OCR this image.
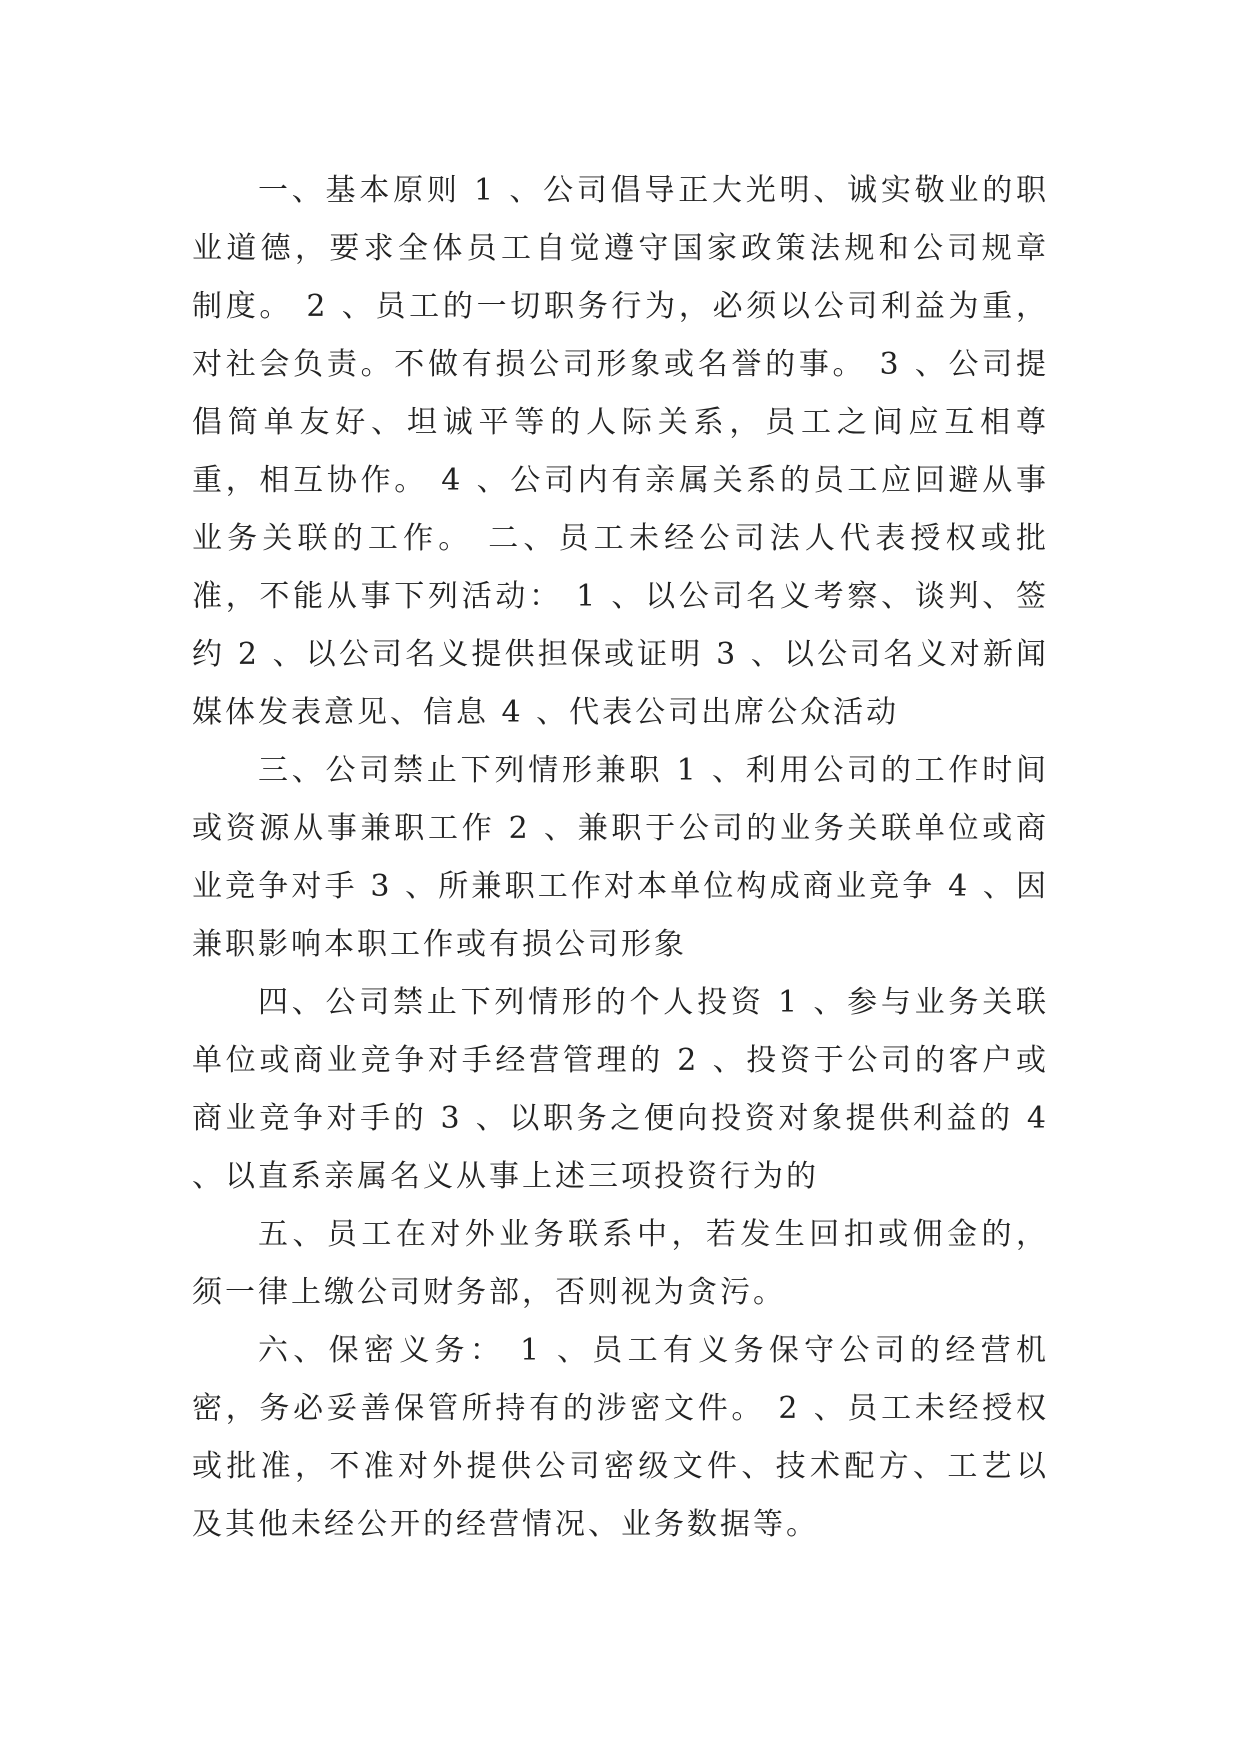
一、基本原则 1 、公司倡导正大光明、诚实敬业的职业道德，要求全体员工自觉遵守国家政策法规和公司规章制度。 2 、员工的一切职务行为，必须以公司利益为重，对社会负责。不做有损公司形象或名誉的事。 3 、公司提倡简单友好、坦诚平等的人际关系，员工之间应互相尊重，相互协作。 4 、公司内有亲属关系的员工应回避从事业务关联的工作。 二、员工未经公司法人代表授权或批准，不能从事下列活动： 1 、以公司名义考察、谈判、签约 2 、以公司名义提供担保或证明 3 、以公司名义对新闻媒体发表意见、信息 4 、代表公司出席公众活动

三、公司禁止下列情形兼职 1 、利用公司的工作时间或资源从事兼职工作 2 、兼职于公司的业务关联单位或商业竞争对手 3 、所兼职工作对本单位构成商业竞争 4 、因兼职影响本职工作或有损公司形象

四、公司禁止下列情形的个人投资 1 、参与业务关联单位或商业竞争对手经营管理的 2 、投资于公司的客户或商业竞争对手的 3 、以职务之便向投资对象提供利益的 4 、以直系亲属名义从事上述三项投资行为的

五、员工在对外业务联系中，若发生回扣或佣金的，须一律上缴公司财务部，否则视为贪污。

六、保密义务： 1 、员工有义务保守公司的经营机密，务必妥善保管所持有的涉密文件。 2 、员工未经授权或批准，不准对外提供公司密级文件、技术配方、工艺以及其他未经公开的经营情况、业务数据等。
